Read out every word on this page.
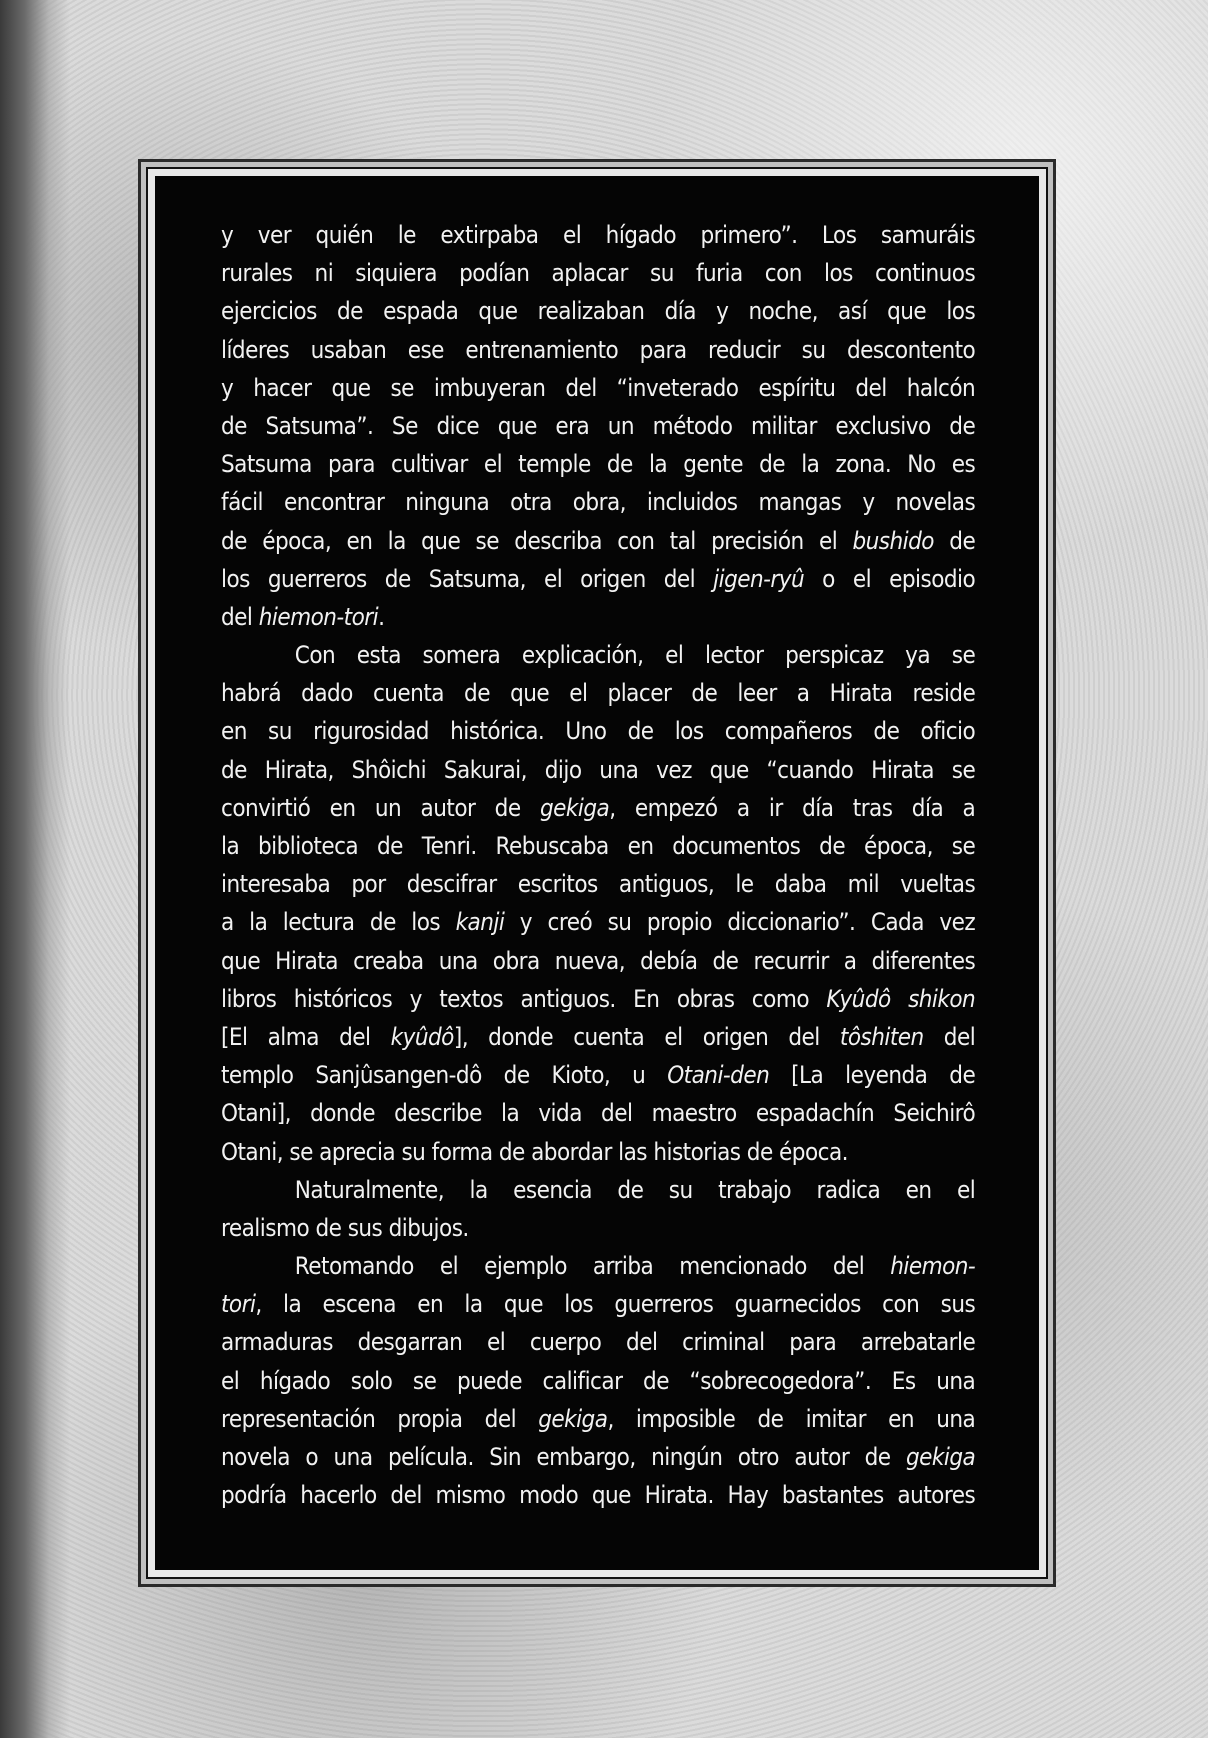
y ver quién le extirpaba el hígado primero”. Los samuráis
rurales ni siquiera podían aplacar su furia con los continuos
ejercicios de espada que realizaban día y noche, así que los
líderes usaban ese entrenamiento para reducir su descontento
y hacer que se imbuyeran del “inveterado espíritu del halcón
de Satsuma”. Se dice que era un método militar exclusivo de
Satsuma para cultivar el temple de la gente de la zona. No es
fácil encontrar ninguna otra obra, incluidos mangas y novelas
de época, en la que se describa con tal precisión el bushido de
los guerreros de Satsuma, el origen del jigen-ryû o el episodio
del hiemon-tori.
Con esta somera explicación, el lector perspicaz ya se
habrá dado cuenta de que el placer de leer a Hirata reside
en su rigurosidad histórica. Uno de los compañeros de oficio
de Hirata, Shôichi Sakurai, dijo una vez que “cuando Hirata se
convirtió en un autor de gekiga, empezó a ir día tras día a
la biblioteca de Tenri. Rebuscaba en documentos de época, se
interesaba por descifrar escritos antiguos, le daba mil vueltas
a la lectura de los kanji y creó su propio diccionario”. Cada vez
que Hirata creaba una obra nueva, debía de recurrir a diferentes
libros históricos y textos antiguos. En obras como Kyûdô shikon
[El alma del kyûdô], donde cuenta el origen del tôshiten del
templo Sanjûsangen-dô de Kioto, u Otani-den [La leyenda de
Otani], donde describe la vida del maestro espadachín Seichirô
Otani, se aprecia su forma de abordar las historias de época.
Naturalmente, la esencia de su trabajo radica en el
realismo de sus dibujos.
Retomando el ejemplo arriba mencionado del hiemon-
tori, la escena en la que los guerreros guarnecidos con sus
armaduras desgarran el cuerpo del criminal para arrebatarle
el hígado solo se puede calificar de “sobrecogedora”. Es una
representación propia del gekiga, imposible de imitar en una
novela o una película. Sin embargo, ningún otro autor de gekiga
podría hacerlo del mismo modo que Hirata. Hay bastantes autores
